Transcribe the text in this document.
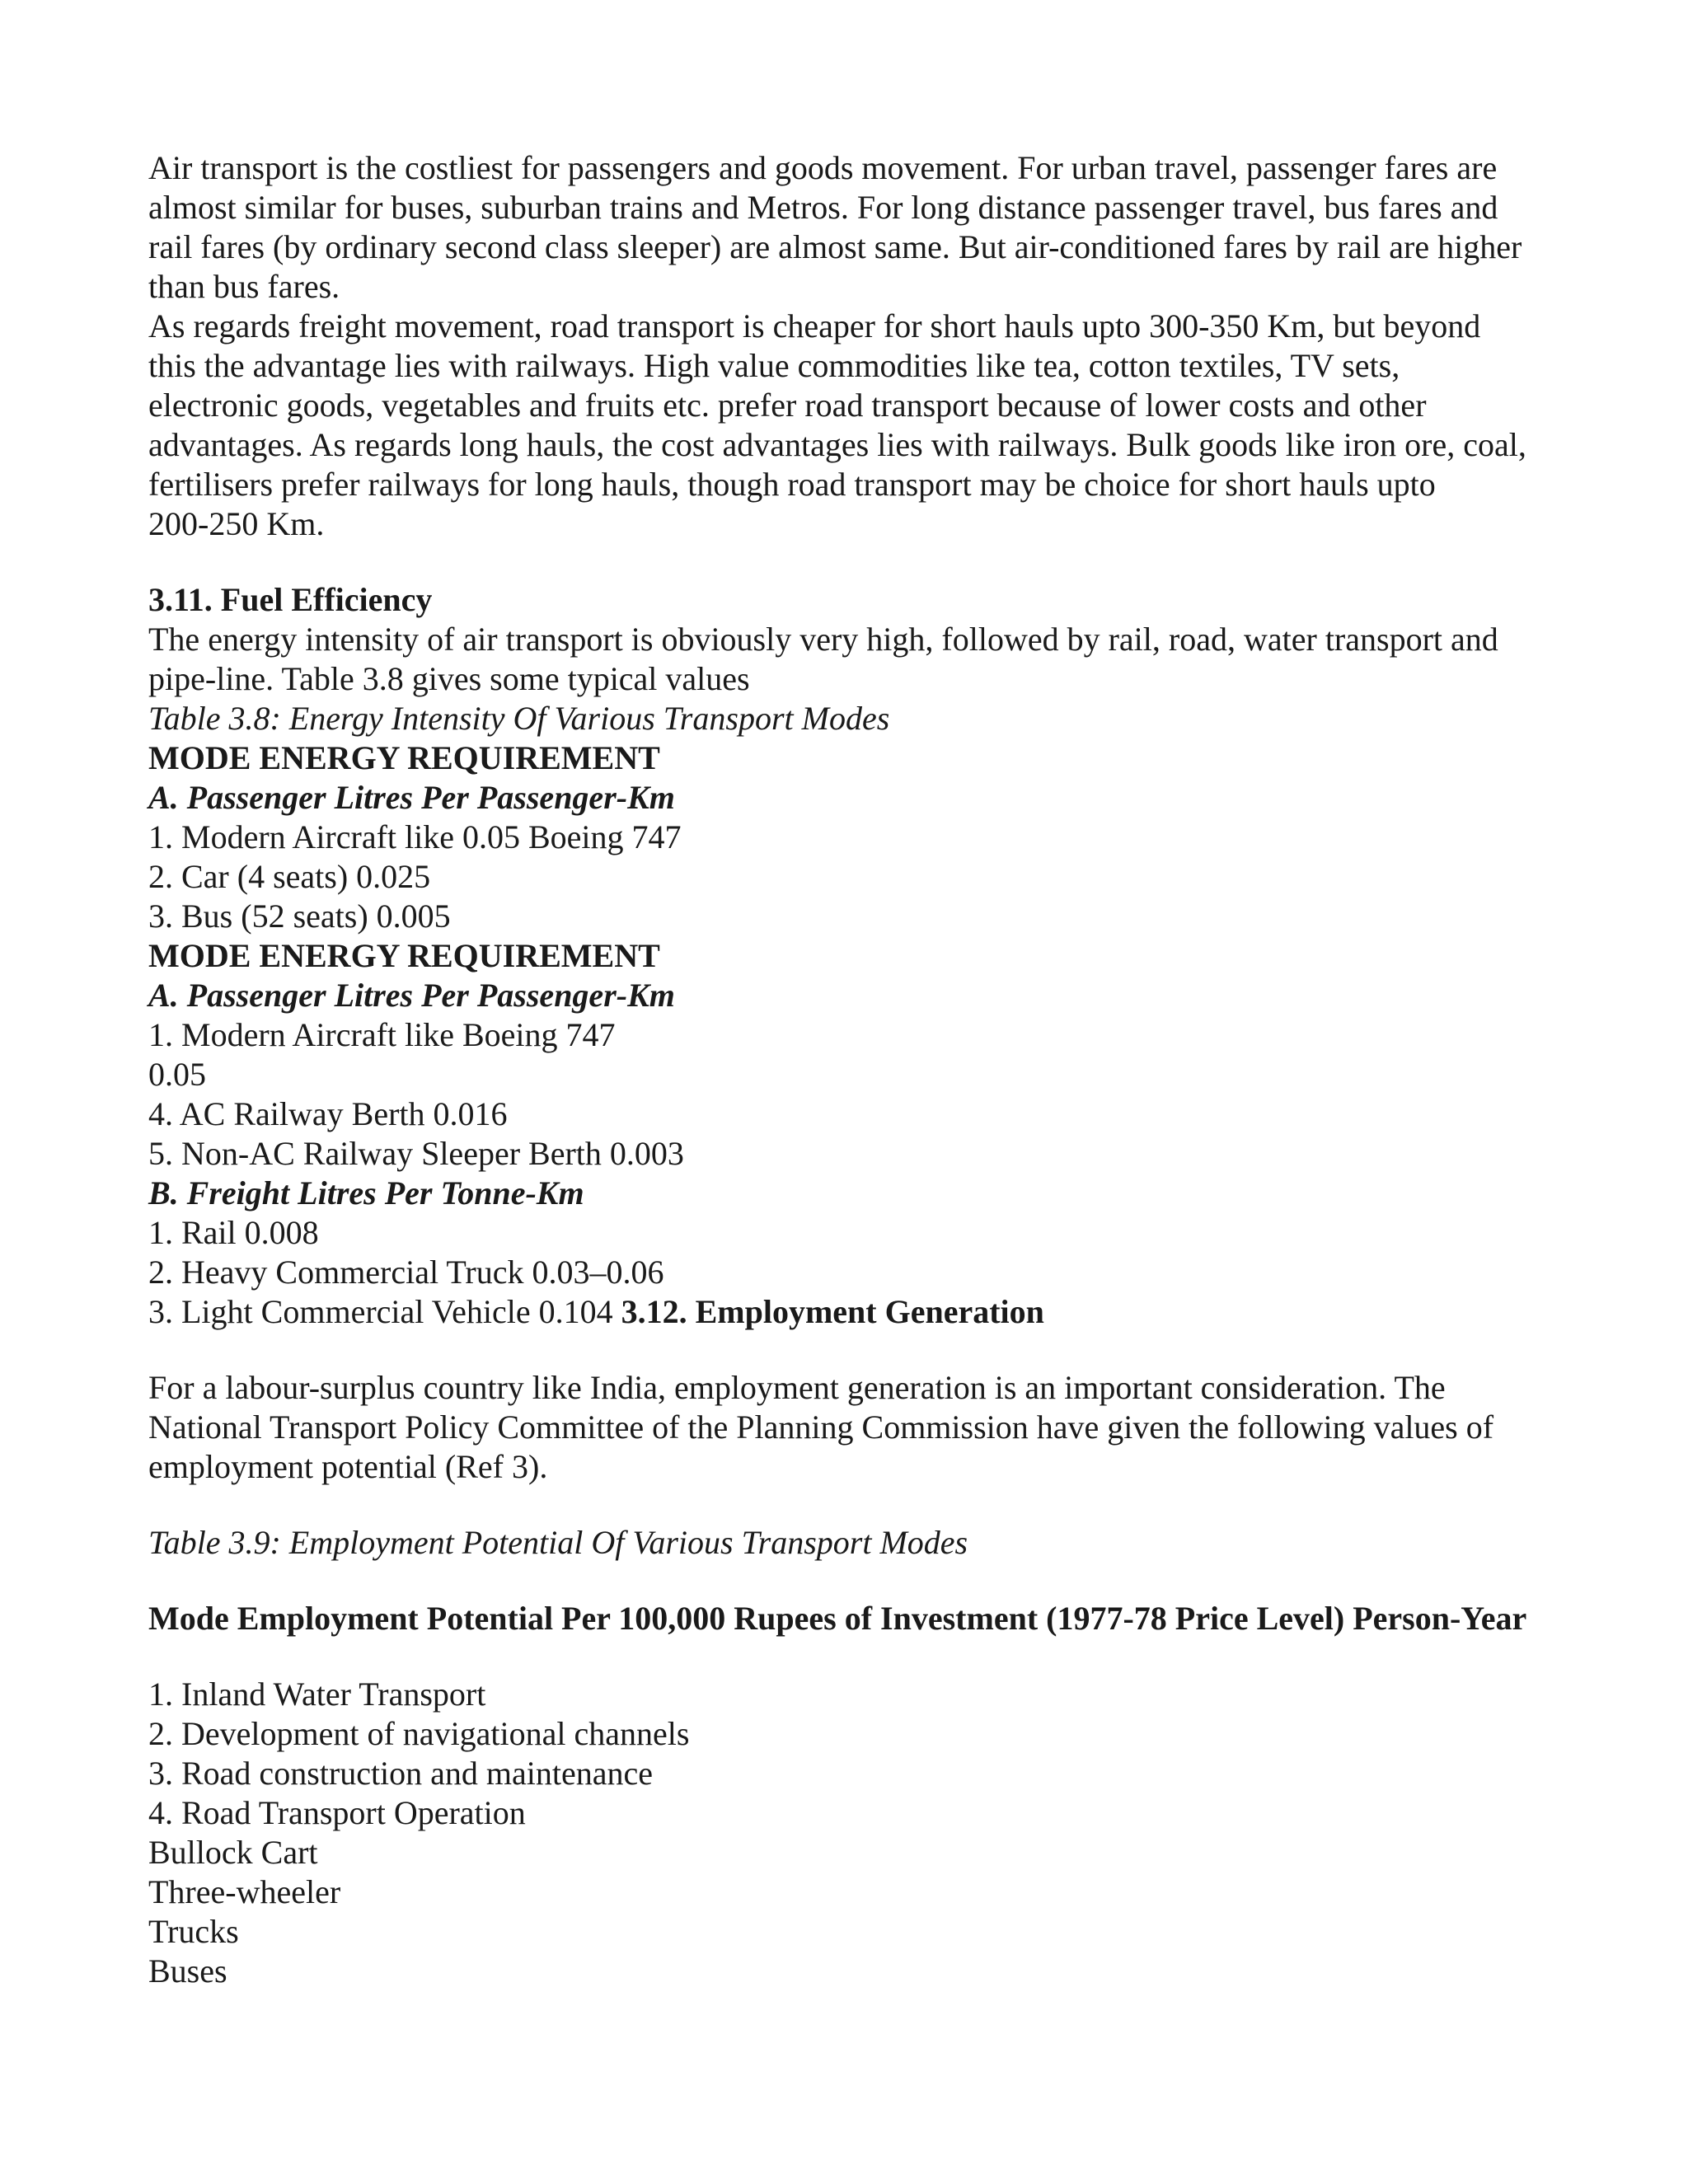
Air transport is the costliest for passengers and goods movement. For urban travel, passenger fares are
almost similar for buses, suburban trains and Metros. For long distance passenger travel, bus fares and
rail fares (by ordinary second class sleeper) are almost same. But air-conditioned fares by rail are higher
than bus fares.
As regards freight movement, road transport is cheaper for short hauls upto 300-350 Km, but beyond
this the advantage lies with railways. High value commodities like tea, cotton textiles, TV sets,
electronic goods, vegetables and fruits etc. prefer road transport because of lower costs and other
advantages. As regards long hauls, the cost advantages lies with railways. Bulk goods like iron ore, coal,
fertilisers prefer railways for long hauls, though road transport may be choice for short hauls upto
200-250 Km.
3.11. Fuel Efficiency
The energy intensity of air transport is obviously very high, followed by rail, road, water transport and
pipe-line. Table 3.8 gives some typical values
Table 3.8: Energy Intensity Of Various Transport Modes
MODE ENERGY REQUIREMENT
A. Passenger Litres Per Passenger-Km
1. Modern Aircraft like 0.05 Boeing 747
2. Car (4 seats) 0.025
3. Bus (52 seats) 0.005
MODE ENERGY REQUIREMENT
A. Passenger Litres Per Passenger-Km
1. Modern Aircraft like Boeing 747
0.05
4. AC Railway Berth 0.016
5. Non-AC Railway Sleeper Berth 0.003
B. Freight Litres Per Tonne-Km
1. Rail 0.008
2. Heavy Commercial Truck 0.03–0.06
3. Light Commercial Vehicle 0.104 3.12. Employment Generation
For a labour-surplus country like India, employment generation is an important consideration. The
National Transport Policy Committee of the Planning Commission have given the following values of
employment potential (Ref 3).
Table 3.9: Employment Potential Of Various Transport Modes
Mode Employment Potential Per 100,000 Rupees of Investment (1977-78 Price Level) Person-Year
1. Inland Water Transport
2. Development of navigational channels
3. Road construction and maintenance
4. Road Transport Operation
Bullock Cart
Three-wheeler
Trucks
Buses
